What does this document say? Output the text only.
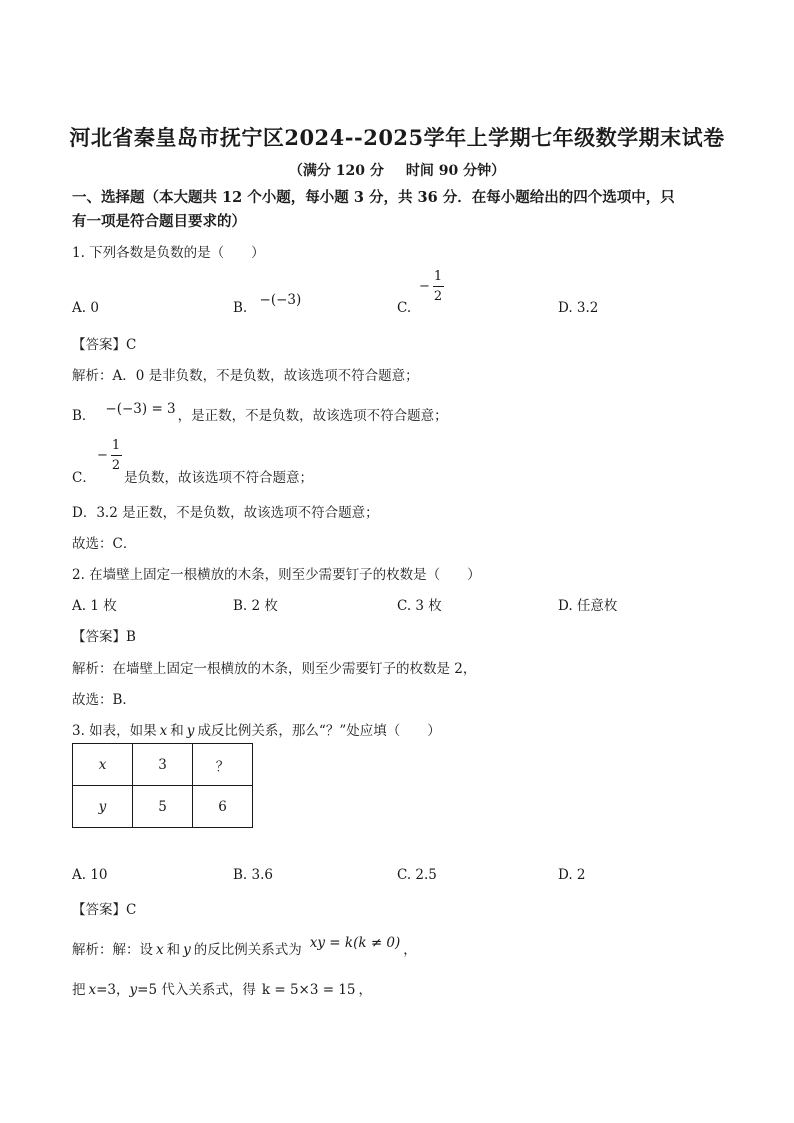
河北省秦皇岛市抚宁区2024--2025学年上学期七年级数学期末试卷
（满分 120 分 时间 90 分钟）
一、选择题（本大题共 12 个小题，每小题 3 分，共 36 分．在每小题给出的四个选项中，只
有一项是符合题目要求的）
1. 下列各数是负数的是（　　）
A. 0	B. −(−3)	C.
− $\frac{1}{2}$
D. 3.2
【答案】C
解析：A．0 是非负数，不是负数，故该选项不符合题意；
B． −(−3) = 3 ，是正数，不是负数，故该选项不符合题意；
C．
− $\frac{1}{2}$
是负数，故该选项不符合题意；
D．3.2 是正数，不是负数，故该选项不符合题意；
故选：C．
2. 在墙壁上固定一根横放的木条，则至少需要钉子的枚数是（　　）
A. 1 枚	B. 2 枚	C. 3 枚	D. 任意枚
【答案】B
解析：在墙壁上固定一根横放的木条，则至少需要钉子的枚数是 2，
故选：B．
3. 如表，如果 x 和 y 成反比例关系，那么“？”处应填（　　）
x	3	？
y	5	6
A. 10	B. 3.6	C. 2.5	D. 2
【答案】C
解析：解：设 x 和 y 的反比例关系式为 xy = k(k ≠ 0) ，
把 x=3，y=5 代入关系式，得 k = 5×3 = 15 ，
